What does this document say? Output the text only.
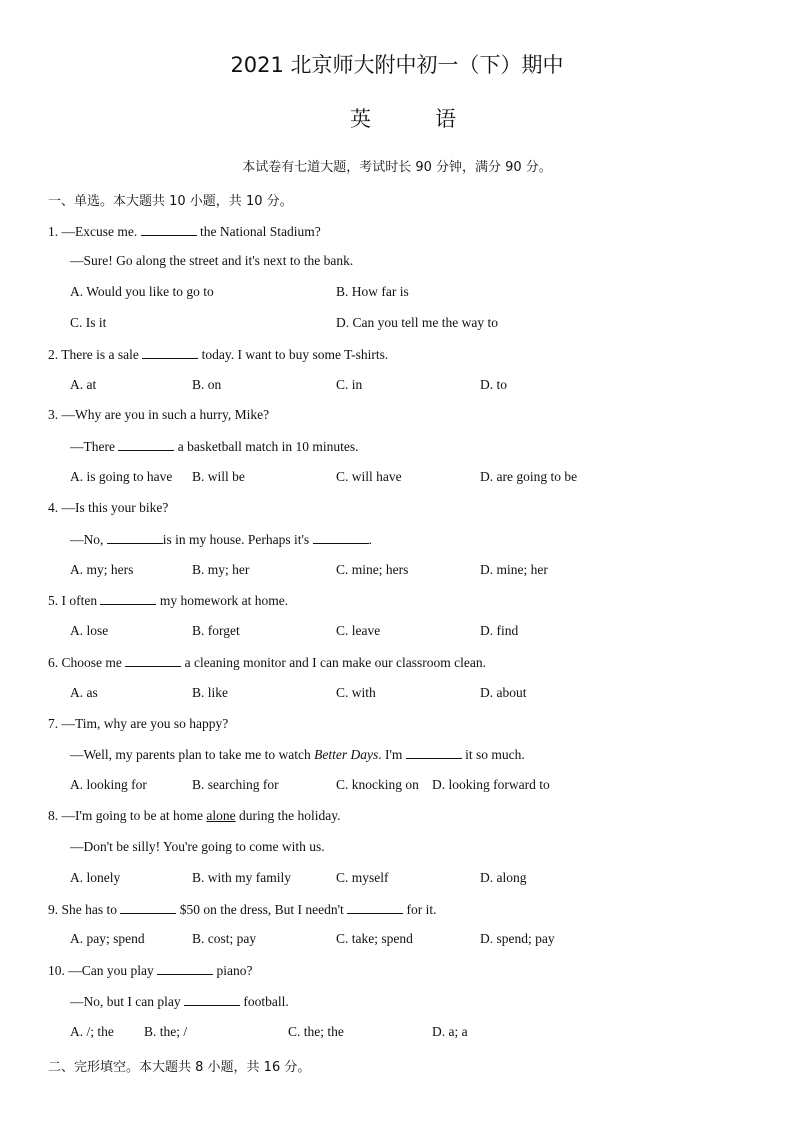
2021 北京师大附中初一（下）期中
英	语
本试卷有七道大题，考试时长 90 分钟，满分 90 分。
一、单选。本大题共 10 小题，共 10 分。
1. —Excuse me.	the National Stadium?
—Sure! Go along the street and it's next to the bank.
A. Would you like to go to	B. How far is
C. Is it	D. Can you tell me the way to
2. There is a sale	today. I want to buy some T-shirts.
A. at	B. on	C. in	D. to
3. —Why are you in such a hurry, Mike?
—There	a basketball match in 10 minutes.
A. is going to have B. will be	C. will have	D. are going to be
4. —Is this your bike?
—No,	is in my house. Perhaps it's	.
A. my; hers	B. my; her	C. mine; hers	D. mine; her
5. I often	my homework at home.
A. lose	B. forget	C. leave	D. find
6. Choose me	a cleaning monitor and I can make our classroom clean.
A. as	B. like	C. with	D. about
7. —Tim, why are you so happy?
—Well, my parents plan to take me to watch Better Days. I'm	it so much.
A. looking for	B. searching for	C. knocking on D. looking forward to
8. —I'm going to be at home alone during the holiday.
—Don't be silly! You're going to come with us.
A. lonely	B. with my family	C. myself	D. along
9. She has to	$50 on the dress, But I needn't	for it.
A. pay; spend	B. cost; pay	C. take; spend	D. spend; pay
10. —Can you play	piano?
—No, but I can play	football.
A. /; the B. the; /	C. the; the	D. a; a
二、完形填空。本大题共 8 小题，共 16 分。
